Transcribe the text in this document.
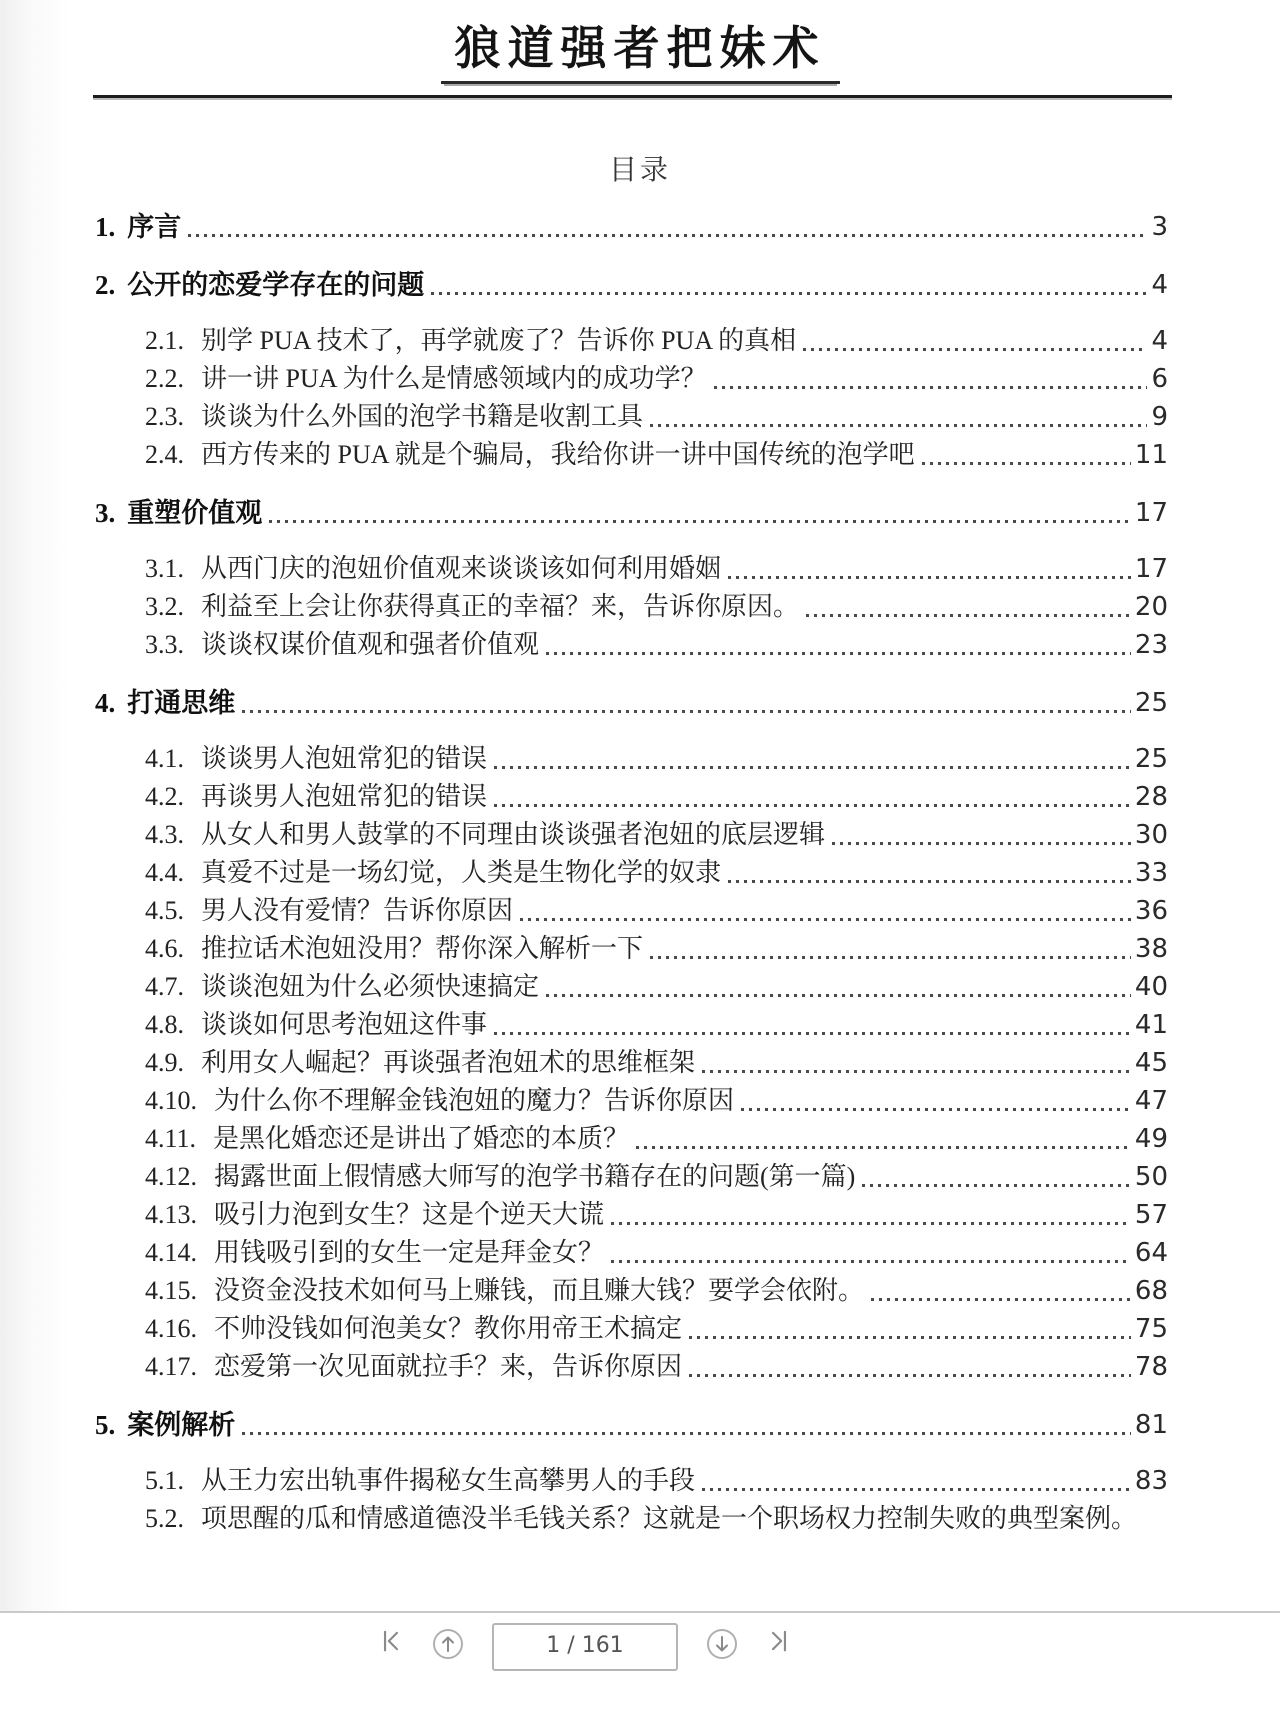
狼道强者把妹术
目录
1. 序言	3
2. 公开的恋爱学存在的问题	4
2.1. 别学 PUA 技术了，再学就废了？告诉你 PUA 的真相	4
2.2. 讲一讲 PUA 为什么是情感领域内的成功学？	6
2.3. 谈谈为什么外国的泡学书籍是收割工具	9
2.4. 西方传来的 PUA 就是个骗局，我给你讲一讲中国传统的泡学吧	11
3. 重塑价值观	17
3.1. 从西门庆的泡妞价值观来谈谈该如何利用婚姻	17
3.2. 利益至上会让你获得真正的幸福？来，告诉你原因。	20
3.3. 谈谈权谋价值观和强者价值观	23
4. 打通思维	25
4.1. 谈谈男人泡妞常犯的错误	25
4.2. 再谈男人泡妞常犯的错误	28
4.3. 从女人和男人鼓掌的不同理由谈谈强者泡妞的底层逻辑	30
4.4. 真爱不过是一场幻觉，人类是生物化学的奴隶	33
4.5. 男人没有爱情？告诉你原因	36
4.6. 推拉话术泡妞没用？帮你深入解析一下	38
4.7. 谈谈泡妞为什么必须快速搞定	40
4.8. 谈谈如何思考泡妞这件事	41
4.9. 利用女人崛起？再谈强者泡妞术的思维框架	45
4.10. 为什么你不理解金钱泡妞的魔力？告诉你原因	47
4.11. 是黑化婚恋还是讲出了婚恋的本质？	49
4.12. 揭露世面上假情感大师写的泡学书籍存在的问题(第一篇)	50
4.13. 吸引力泡到女生？这是个逆天大谎	57
4.14. 用钱吸引到的女生一定是拜金女？	64
4.15. 没资金没技术如何马上赚钱，而且赚大钱？要学会依附。	68
4.16. 不帅没钱如何泡美女？教你用帝王术搞定	75
4.17. 恋爱第一次见面就拉手？来，告诉你原因	78
5. 案例解析	81
5.1. 从王力宏出轨事件揭秘女生高攀男人的手段	83
5.2. 项思醒的瓜和情感道德没半毛钱关系？这就是一个职场权力控制失败的典型案例。
1 / 161
